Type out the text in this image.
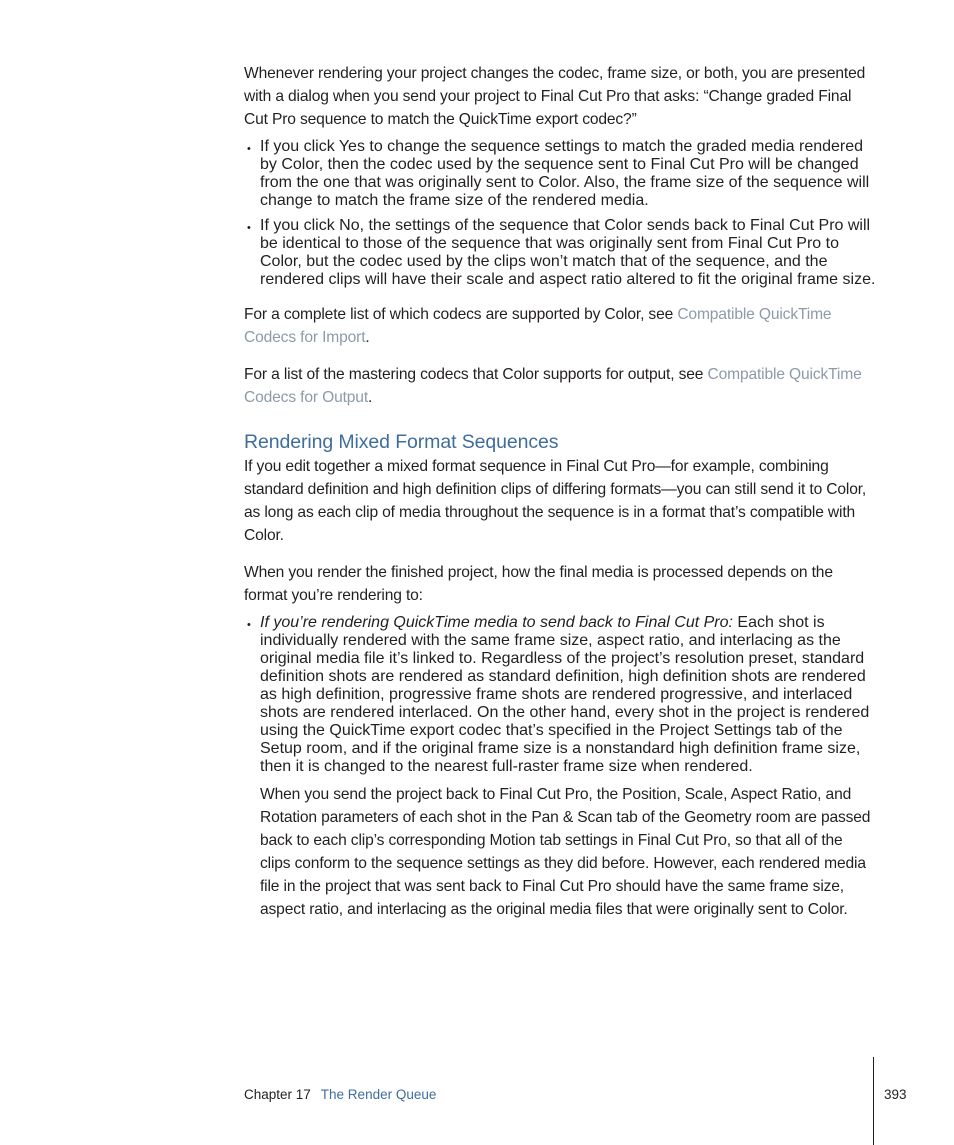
Whenever rendering your project changes the codec, frame size, or both, you are presented with a dialog when you send your project to Final Cut Pro that asks: “Change graded Final Cut Pro sequence to match the QuickTime export codec?”

• If you click Yes to change the sequence settings to match the graded media rendered by Color, then the codec used by the sequence sent to Final Cut Pro will be changed from the one that was originally sent to Color. Also, the frame size of the sequence will change to match the frame size of the rendered media.
• If you click No, the settings of the sequence that Color sends back to Final Cut Pro will be identical to those of the sequence that was originally sent from Final Cut Pro to Color, but the codec used by the clips won’t match that of the sequence, and the rendered clips will have their scale and aspect ratio altered to fit the original frame size.

For a complete list of which codecs are supported by Color, see Compatible QuickTime Codecs for Import.

For a list of the mastering codecs that Color supports for output, see Compatible QuickTime Codecs for Output.

Rendering Mixed Format Sequences

If you edit together a mixed format sequence in Final Cut Pro—for example, combining standard definition and high definition clips of differing formats—you can still send it to Color, as long as each clip of media throughout the sequence is in a format that’s compatible with Color.

When you render the finished project, how the final media is processed depends on the format you’re rendering to:

• If you’re rendering QuickTime media to send back to Final Cut Pro: Each shot is individually rendered with the same frame size, aspect ratio, and interlacing as the original media file it’s linked to. Regardless of the project’s resolution preset, standard definition shots are rendered as standard definition, high definition shots are rendered as high definition, progressive frame shots are rendered progressive, and interlaced shots are rendered interlaced. On the other hand, every shot in the project is rendered using the QuickTime export codec that’s specified in the Project Settings tab of the Setup room, and if the original frame size is a nonstandard high definition frame size, then it is changed to the nearest full-raster frame size when rendered.

When you send the project back to Final Cut Pro, the Position, Scale, Aspect Ratio, and Rotation parameters of each shot in the Pan & Scan tab of the Geometry room are passed back to each clip’s corresponding Motion tab settings in Final Cut Pro, so that all of the clips conform to the sequence settings as they did before. However, each rendered media file in the project that was sent back to Final Cut Pro should have the same frame size, aspect ratio, and interlacing as the original media files that were originally sent to Color.

Chapter 17 The Render Queue	393
